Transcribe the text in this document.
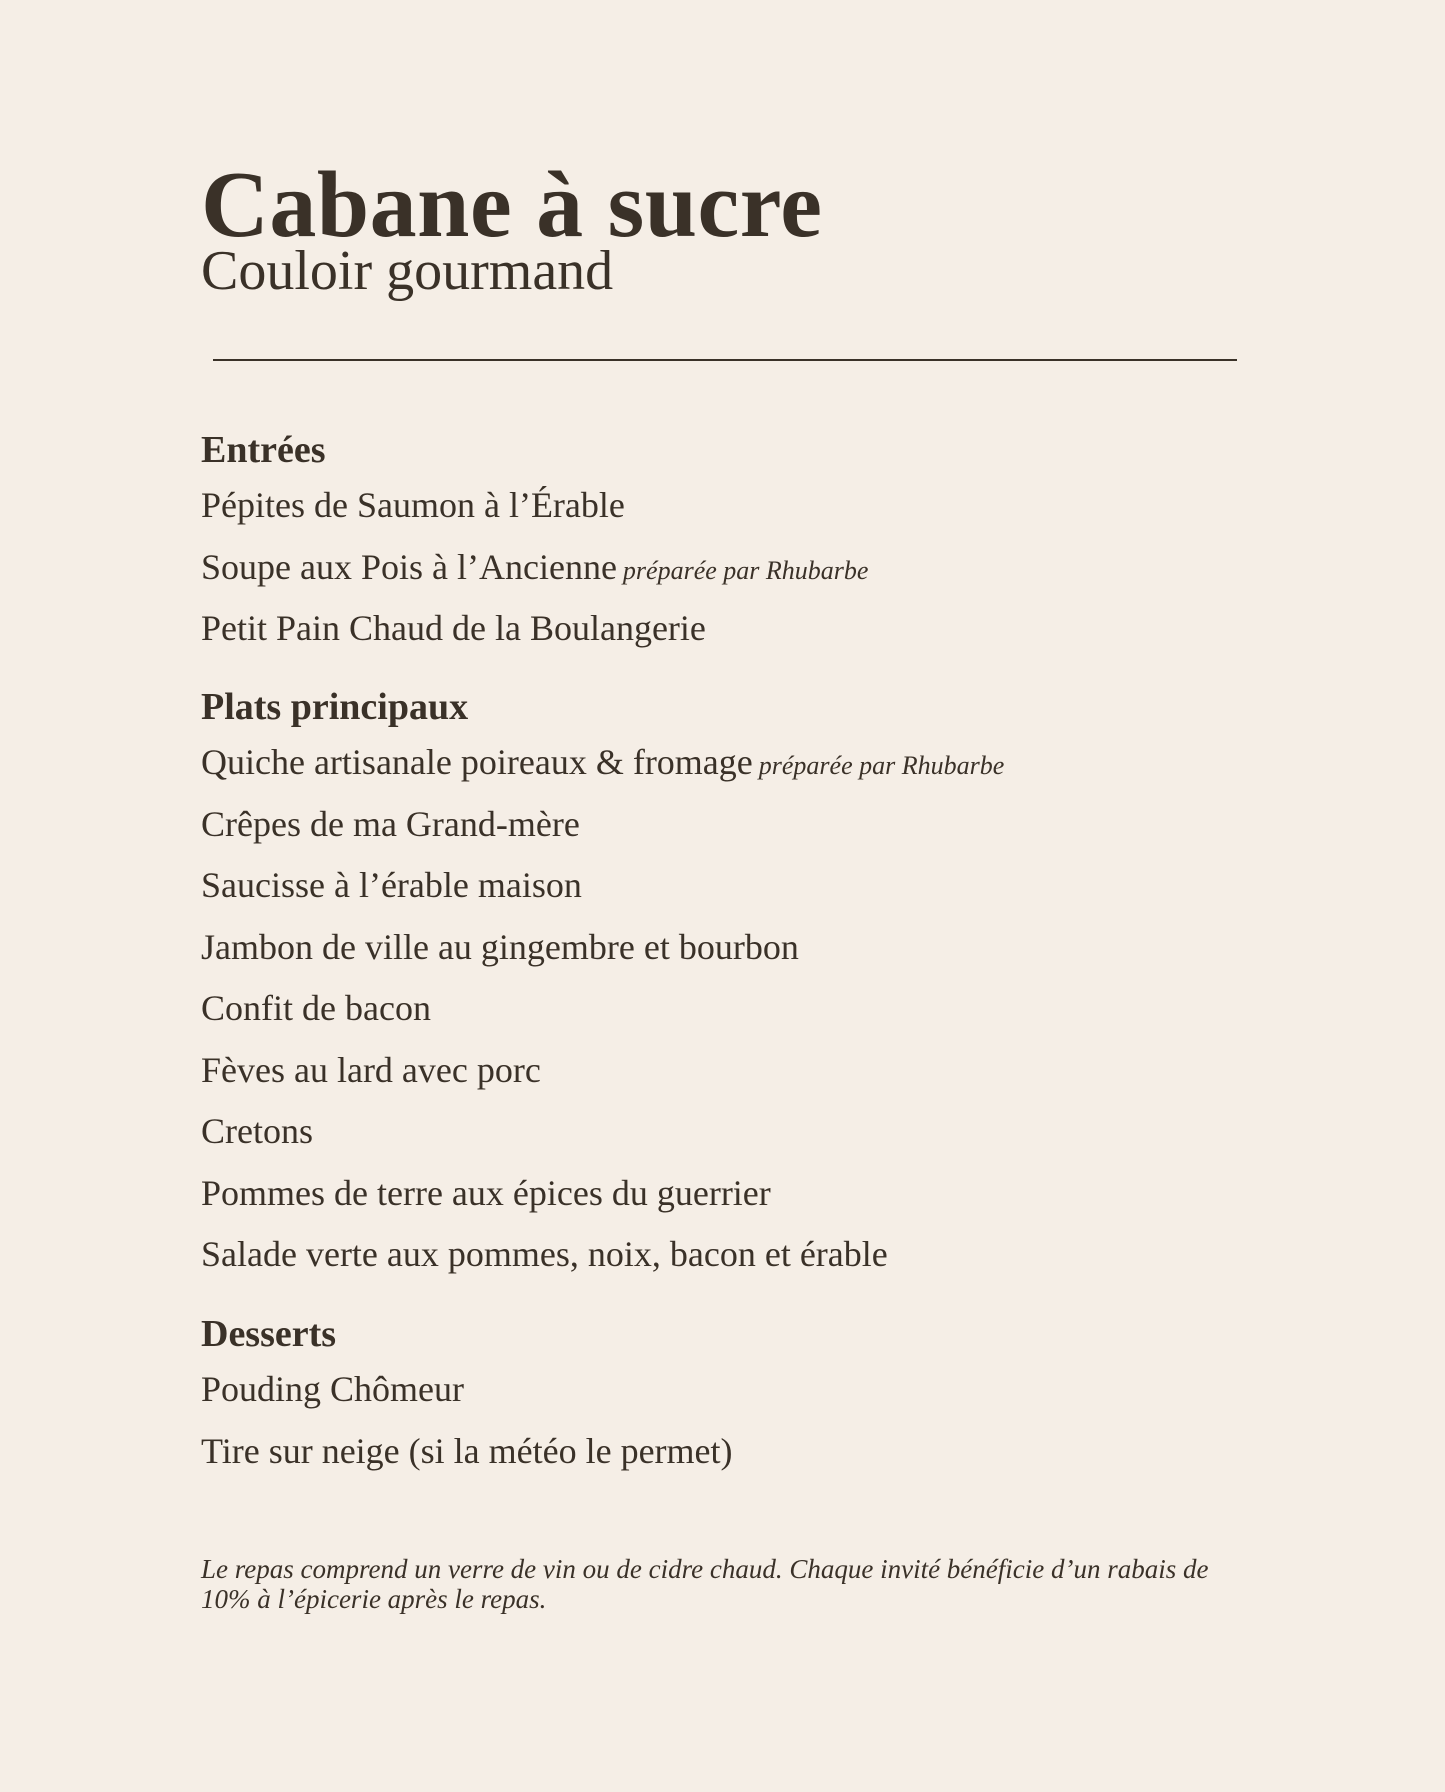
Cabane à sucre
Couloir gourmand
Entrées
Pépites de Saumon à l’Érable
Soupe aux Pois à l’Ancienne préparée par Rhubarbe
Petit Pain Chaud de la Boulangerie
Plats principaux
Quiche artisanale poireaux & fromage préparée par Rhubarbe
Crêpes de ma Grand-mère
Saucisse à l’érable maison
Jambon de ville au gingembre et bourbon
Confit de bacon
Fèves au lard avec porc
Cretons
Pommes de terre aux épices du guerrier
Salade verte aux pommes, noix, bacon et érable
Desserts
Pouding Chômeur
Tire sur neige (si la météo le permet)

Le repas comprend un verre de vin ou de cidre chaud. Chaque invité bénéficie d’un rabais de 10% à l’épicerie après le repas.
